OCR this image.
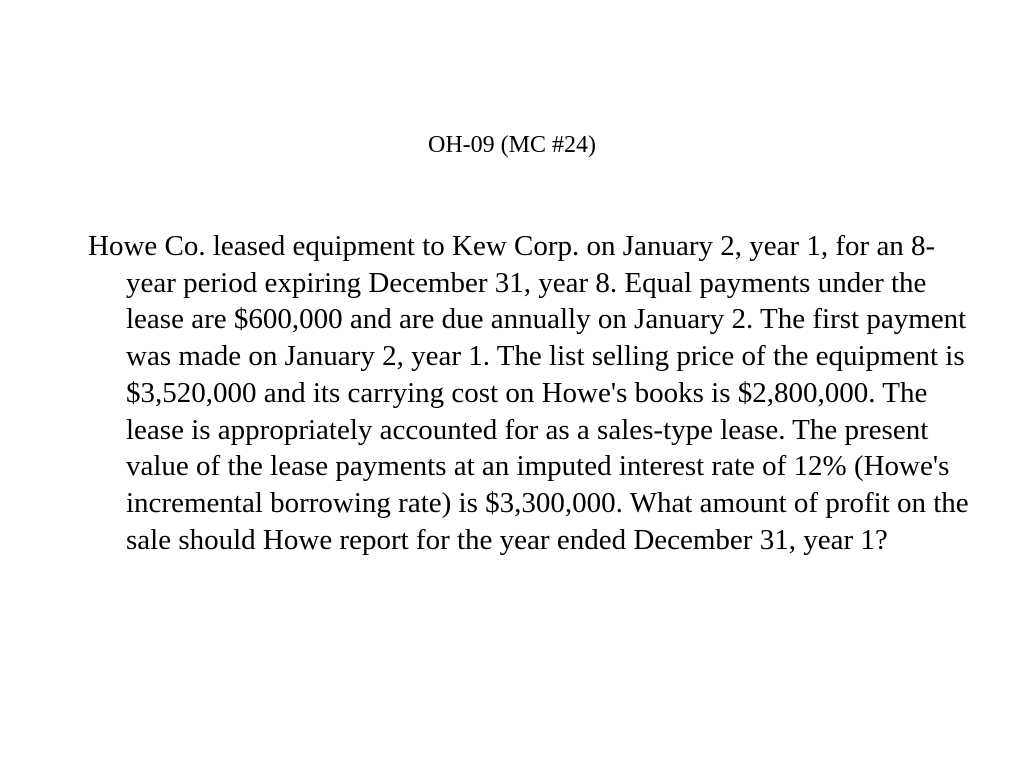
OH-09 (MC #24)

Howe Co. leased equipment to Kew Corp. on January 2, year 1, for an 8-year period expiring December 31, year 8. Equal payments under the lease are $600,000 and are due annually on January 2. The first payment was made on January 2, year 1. The list selling price of the equipment is $3,520,000 and its carrying cost on Howe's books is $2,800,000. The lease is appropriately accounted for as a sales-type lease. The present value of the lease payments at an imputed interest rate of 12% (Howe's incremental borrowing rate) is $3,300,000. What amount of profit on the sale should Howe report for the year ended December 31, year 1?
